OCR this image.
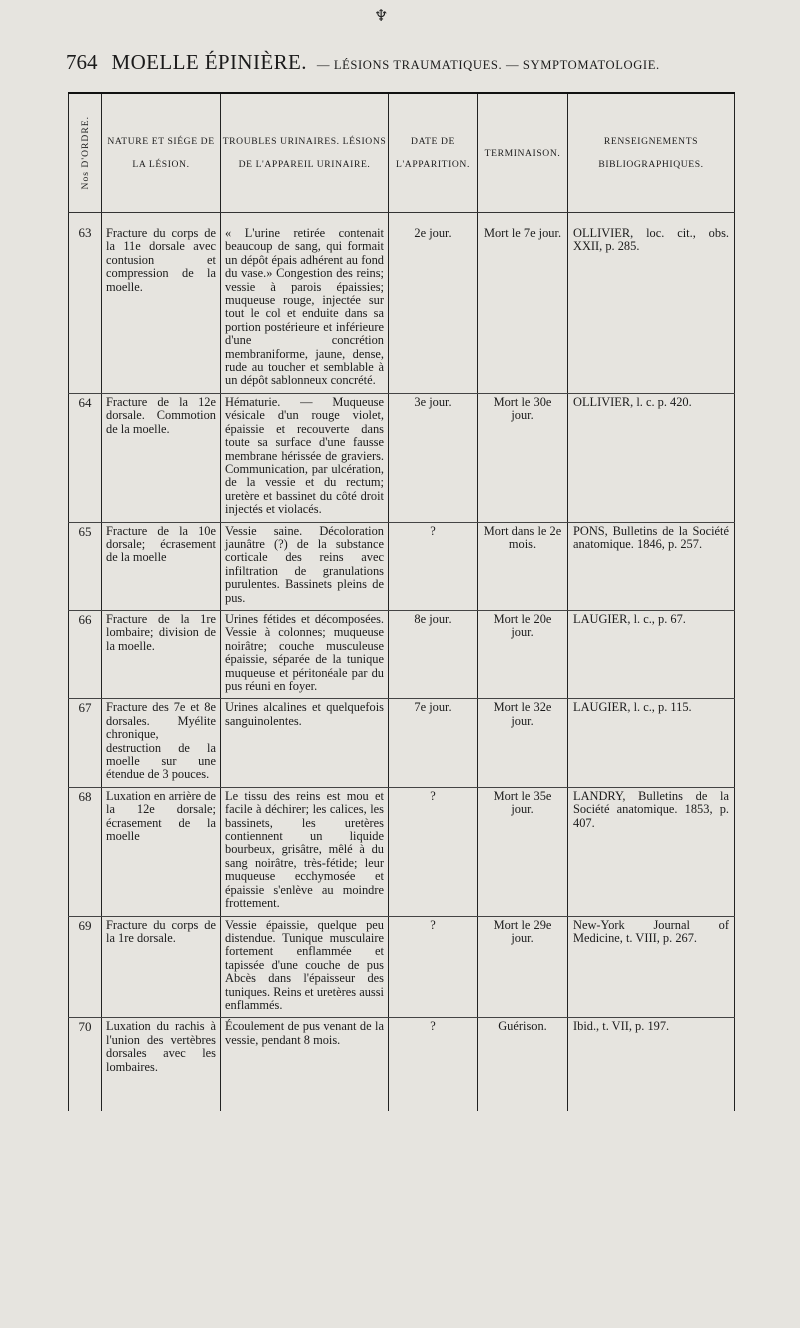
♆
764 MOELLE ÉPINIÈRE. — LÉSIONS TRAUMATIQUES. — SYMPTOMATOLOGIE.
Nos D'ORDRE.	NATURE ET SIÉGE DE LA LÉSION.	TROUBLES URINAIRES. LÉSIONS DE L'APPAREIL URINAIRE.	DATE DE L'APPARITION.	TERMINAISON.	RENSEIGNEMENTS BIBLIOGRAPHIQUES.
63	Fracture du corps de la 11e dorsale avec contusion et compression de la moelle.	« L'urine retirée contenait beaucoup de sang, qui formait un dépôt épais adhérent au fond du vase.» Congestion des reins; vessie à parois épaissies; muqueuse rouge, injectée sur tout le col et enduite dans sa portion postérieure et inférieure d'une concrétion membraniforme, jaune, dense, rude au toucher et semblable à un dépôt sablonneux concrété.	2e jour.	Mort le 7e jour.	OLLIVIER, loc. cit., obs. XXII, p. 285.
64	Fracture de la 12e dorsale. Commotion de la moelle.	Hématurie. — Muqueuse vésicale d'un rouge violet, épaissie et recouverte dans toute sa surface d'une fausse membrane hérissée de graviers. Communication, par ulcération, de la vessie et du rectum; uretère et bassinet du côté droit injectés et violacés.	3e jour.	Mort le 30e jour.	OLLIVIER, l. c. p. 420.
65	Fracture de la 10e dorsale; écrasement de la moelle	Vessie saine. Décoloration jaunâtre (?) de la substance corticale des reins avec infiltration de granulations purulentes. Bassinets pleins de pus.	?	Mort dans le 2e mois.	PONS, Bulletins de la Société anatomique. 1846, p. 257.
66	Fracture de la 1re lombaire; division de la moelle.	Urines fétides et décomposées. Vessie à colonnes; muqueuse noirâtre; couche musculeuse épaissie, séparée de la tunique muqueuse et péritonéale par du pus réuni en foyer.	8e jour.	Mort le 20e jour.	LAUGIER, l. c., p. 67.
67	Fracture des 7e et 8e dorsales. Myélite chronique, destruction de la moelle sur une étendue de 3 pouces.	Urines alcalines et quelquefois sanguinolentes.	7e jour.	Mort le 32e jour.	LAUGIER, l. c., p. 115.
68	Luxation en arrière de la 12e dorsale; écrasement de la moelle	Le tissu des reins est mou et facile à déchirer; les calices, les bassinets, les uretères contiennent un liquide bourbeux, grisâtre, mêlé à du sang noirâtre, très-fétide; leur muqueuse ecchymosée et épaissie s'enlève au moindre frottement.	?	Mort le 35e jour.	LANDRY, Bulletins de la Société anatomique. 1853, p. 407.
69	Fracture du corps de la 1re dorsale.	Vessie épaissie, quelque peu distendue. Tunique musculaire fortement enflammée et tapissée d'une couche de pus Abcès dans l'épaisseur des tuniques. Reins et uretères aussi enflammés.	?	Mort le 29e jour.	New-York Journal of Medicine, t. VIII, p. 267.
70	Luxation du rachis à l'union des vertèbres dorsales avec les lombaires.	Écoulement de pus venant de la vessie, pendant 8 mois.	?	Guérison.	Ibid., t. VII, p. 197.
